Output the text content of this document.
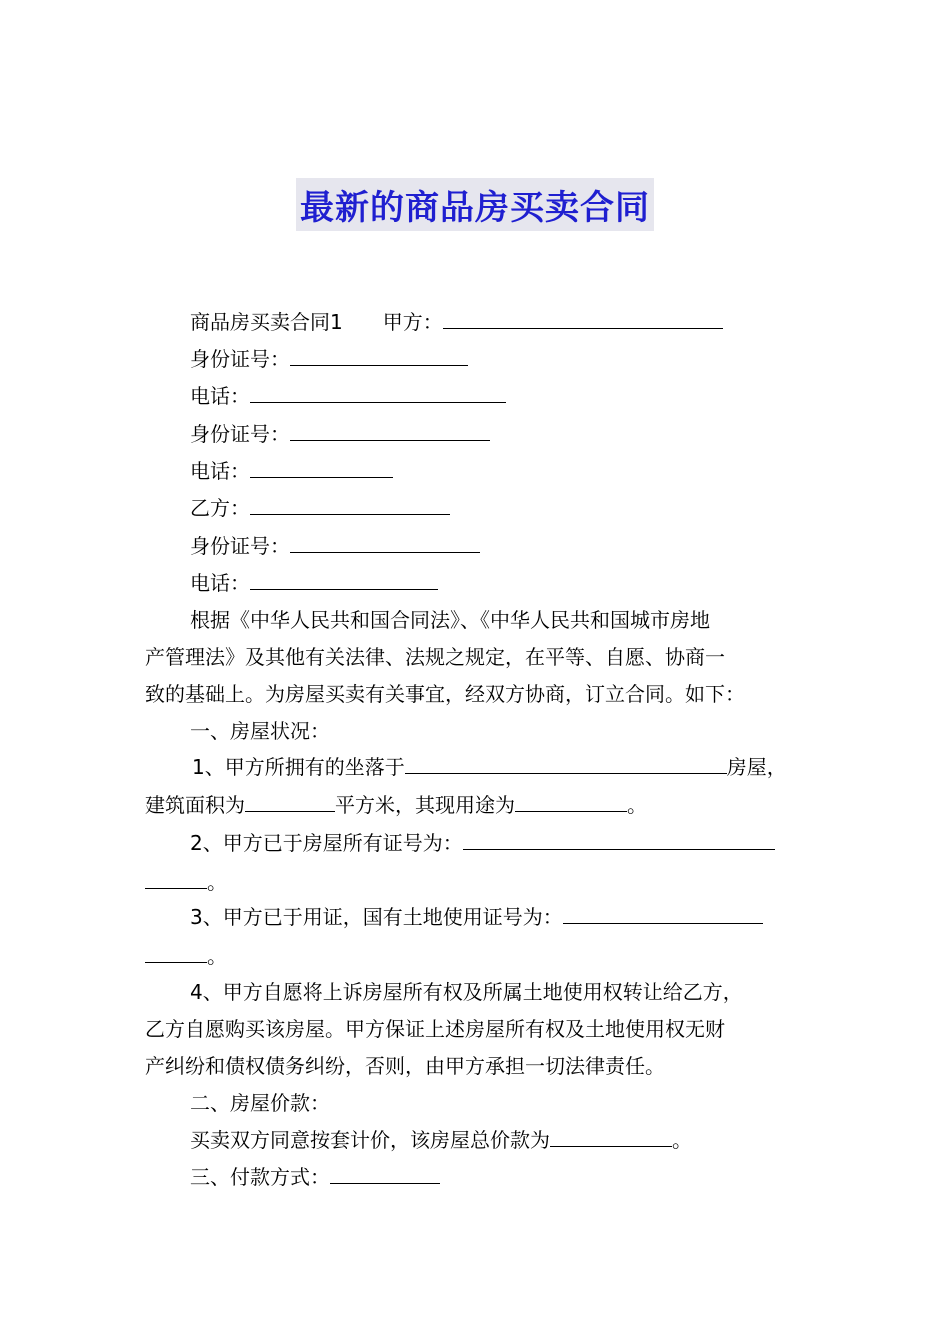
最新的商品房买卖合同
商品房买卖合同1 甲方：
身份证号：
电话：
身份证号：
电话：
乙方：
身份证号：
电话：
根据《中华人民共和国合同法》、《中华人民共和国城市房地
产管理法》及其他有关法律、法规之规定，在平等、自愿、协商一
致的基础上。为房屋买卖有关事宜，经双方协商，订立合同。如下：
一、房屋状况：
1、甲方所拥有的坐落于	房屋，
建筑面积为	平方米，其现用途为	。
2、甲方已于房屋所有证号为：
。
3、甲方已于用证，国有土地使用证号为：
。
4、甲方自愿将上诉房屋所有权及所属土地使用权转让给乙方，
乙方自愿购买该房屋。甲方保证上述房屋所有权及土地使用权无财
产纠纷和债权债务纠纷，否则，由甲方承担一切法律责任。
二、房屋价款：
买卖双方同意按套计价，该房屋总价款为	。
三、付款方式：
